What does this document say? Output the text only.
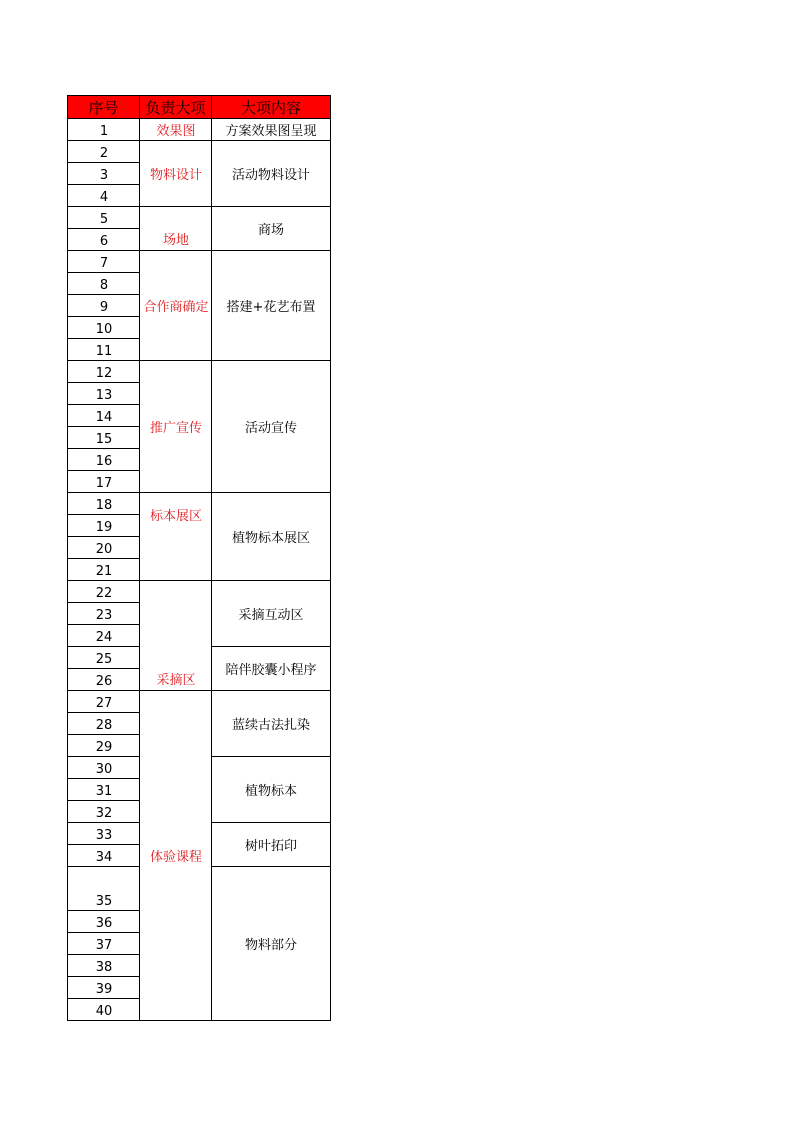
序号	负责大项	大项内容
1
2
3
4
5
6
7
8
9
10
11
12
13
14
15
16
17
18
19
20
21
22
23
24
25
26
27
28
29
30
31
32
33
34
35
36
37
38
39
40
效果图
物料设计
场地
合作商确定
推广宣传
标本展区
采摘区
体验课程
方案效果图呈现
活动物料设计
商场
搭建+花艺布置
活动宣传
植物标本展区
采摘互动区
陪伴胶囊小程序
蓝续古法扎染
植物标本
树叶拓印
物料部分
